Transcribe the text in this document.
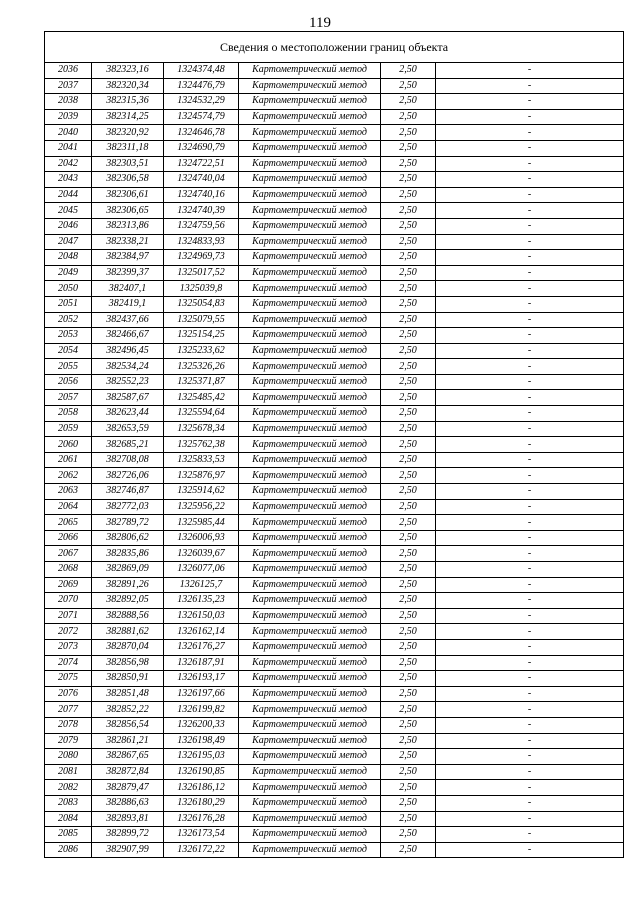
119
Сведения о местоположении границ объекта					
2036	382323,16	1324374,48	Картометрический метод	2,50	-
2037	382320,34	1324476,79	Картометрический метод	2,50	-
2038	382315,36	1324532,29	Картометрический метод	2,50	-
2039	382314,25	1324574,79	Картометрический метод	2,50	-
2040	382320,92	1324646,78	Картометрический метод	2,50	-
2041	382311,18	1324690,79	Картометрический метод	2,50	-
2042	382303,51	1324722,51	Картометрический метод	2,50	-
2043	382306,58	1324740,04	Картометрический метод	2,50	-
2044	382306,61	1324740,16	Картометрический метод	2,50	-
2045	382306,65	1324740,39	Картометрический метод	2,50	-
2046	382313,86	1324759,56	Картометрический метод	2,50	-
2047	382338,21	1324833,93	Картометрический метод	2,50	-
2048	382384,97	1324969,73	Картометрический метод	2,50	-
2049	382399,37	1325017,52	Картометрический метод	2,50	-
2050	382407,1	1325039,8	Картометрический метод	2,50	-
2051	382419,1	1325054,83	Картометрический метод	2,50	-
2052	382437,66	1325079,55	Картометрический метод	2,50	-
2053	382466,67	1325154,25	Картометрический метод	2,50	-
2054	382496,45	1325233,62	Картометрический метод	2,50	-
2055	382534,24	1325326,26	Картометрический метод	2,50	-
2056	382552,23	1325371,87	Картометрический метод	2,50	-
2057	382587,67	1325485,42	Картометрический метод	2,50	-
2058	382623,44	1325594,64	Картометрический метод	2,50	-
2059	382653,59	1325678,34	Картометрический метод	2,50	-
2060	382685,21	1325762,38	Картометрический метод	2,50	-
2061	382708,08	1325833,53	Картометрический метод	2,50	-
2062	382726,06	1325876,97	Картометрический метод	2,50	-
2063	382746,87	1325914,62	Картометрический метод	2,50	-
2064	382772,03	1325956,22	Картометрический метод	2,50	-
2065	382789,72	1325985,44	Картометрический метод	2,50	-
2066	382806,62	1326006,93	Картометрический метод	2,50	-
2067	382835,86	1326039,67	Картометрический метод	2,50	-
2068	382869,09	1326077,06	Картометрический метод	2,50	-
2069	382891,26	1326125,7	Картометрический метод	2,50	-
2070	382892,05	1326135,23	Картометрический метод	2,50	-
2071	382888,56	1326150,03	Картометрический метод	2,50	-
2072	382881,62	1326162,14	Картометрический метод	2,50	-
2073	382870,04	1326176,27	Картометрический метод	2,50	-
2074	382856,98	1326187,91	Картометрический метод	2,50	-
2075	382850,91	1326193,17	Картометрический метод	2,50	-
2076	382851,48	1326197,66	Картометрический метод	2,50	-
2077	382852,22	1326199,82	Картометрический метод	2,50	-
2078	382856,54	1326200,33	Картометрический метод	2,50	-
2079	382861,21	1326198,49	Картометрический метод	2,50	-
2080	382867,65	1326195,03	Картометрический метод	2,50	-
2081	382872,84	1326190,85	Картометрический метод	2,50	-
2082	382879,47	1326186,12	Картометрический метод	2,50	-
2083	382886,63	1326180,29	Картометрический метод	2,50	-
2084	382893,81	1326176,28	Картометрический метод	2,50	-
2085	382899,72	1326173,54	Картометрический метод	2,50	-
2086	382907,99	1326172,22	Картометрический метод	2,50	-
